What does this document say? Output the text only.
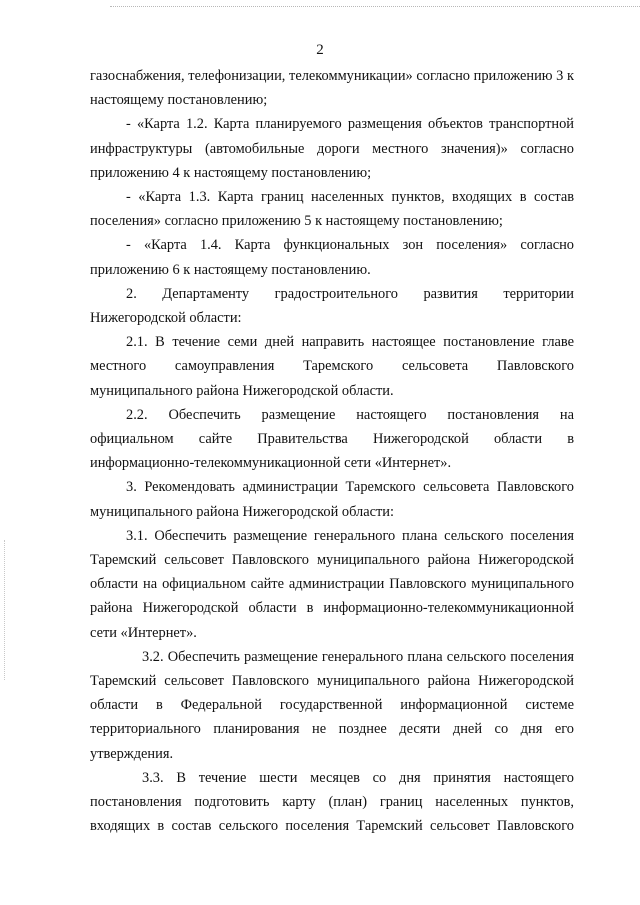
2

газоснабжения, телефонизации, телекоммуникации» согласно приложению 3 к настоящему постановлению;

- «Карта 1.2. Карта планируемого размещения объектов транспортной инфраструктуры (автомобильные дороги местного значения)» согласно приложению 4 к настоящему постановлению;

- «Карта 1.3. Карта границ населенных пунктов, входящих в состав поселения» согласно приложению 5 к настоящему постановлению;

- «Карта 1.4. Карта функциональных зон поселения» согласно приложению 6 к настоящему постановлению.

2. Департаменту градостроительного развития территории Нижегородской области:

2.1. В течение семи дней направить настоящее постановление главе местного самоуправления Таремского сельсовета Павловского муниципального района Нижегородской области.

2.2. Обеспечить размещение настоящего постановления на официальном сайте Правительства Нижегородской области в информационно-телекоммуникационной сети «Интернет».

3. Рекомендовать администрации Таремского сельсовета Павловского муниципального района Нижегородской области:

3.1. Обеспечить размещение генерального плана сельского поселения Таремский сельсовет Павловского муниципального района Нижегородской области на официальном сайте администрации Павловского муниципального района Нижегородской области в информационно-телекоммуникационной сети «Интернет».

3.2. Обеспечить размещение генерального плана сельского поселения Таремский сельсовет Павловского муниципального района Нижегородской области в Федеральной государственной информационной системе территориального планирования не позднее десяти дней со дня его утверждения.

3.3. В течение шести месяцев со дня принятия настоящего постановления подготовить карту (план) границ населенных пунктов, входящих в состав сельского поселения Таремский сельсовет Павловского
